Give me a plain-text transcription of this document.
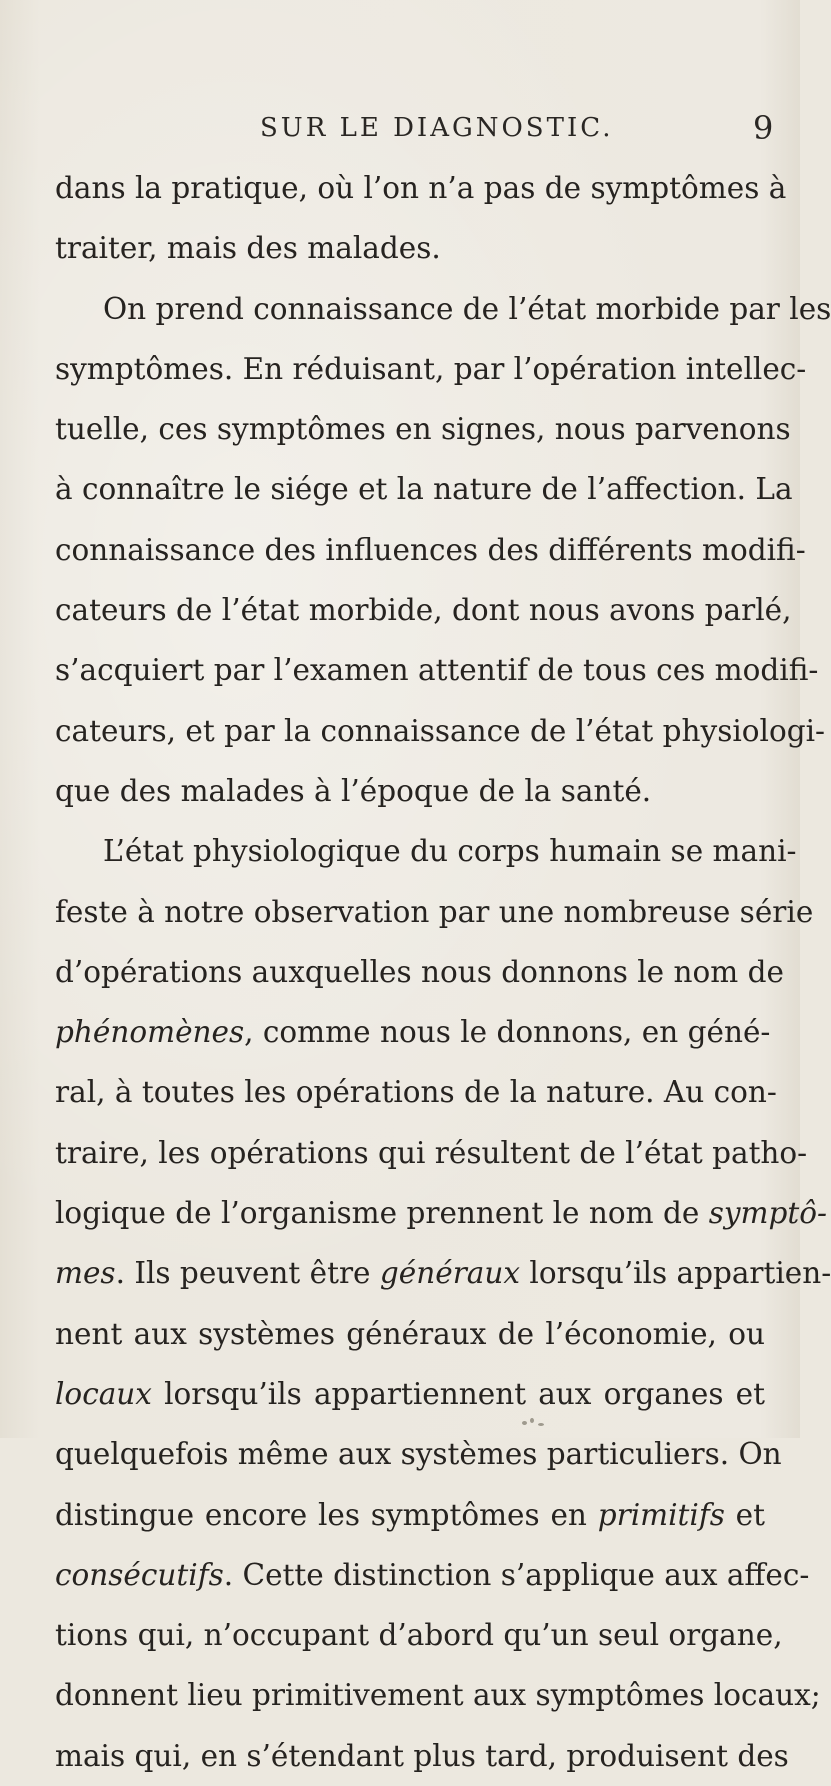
SUR LE DIAGNOSTIC.	9
dans la pratique, où l’on n’a pas de symptômes à
traiter, mais des malades.
On prend connaissance de l’état morbide par les
symptômes. En réduisant, par l’opération intellec-
tuelle, ces symptômes en signes, nous parvenons
à connaître le siége et la nature de l’affection. La
connaissance des influences des différents modifi-
cateurs de l’état morbide, dont nous avons parlé,
s’acquiert par l’examen attentif de tous ces modifi-
cateurs, et par la connaissance de l’état physiologi-
que des malades à l’époque de la santé.
L’état physiologique du corps humain se mani-
feste à notre observation par une nombreuse série
d’opérations auxquelles nous donnons le nom de
phénomènes, comme nous le donnons, en géné-
ral, à toutes les opérations de la nature. Au con-
traire, les opérations qui résultent de l’état patho-
logique de l’organisme prennent le nom de symptô-
mes. Ils peuvent être généraux lorsqu’ils appartien-
nent aux systèmes généraux de l’économie, ou
locaux lorsqu’ils appartiennent aux organes et
quelquefois même aux systèmes particuliers. On
distingue encore les symptômes en primitifs et
consécutifs. Cette distinction s’applique aux affec-
tions qui, n’occupant d’abord qu’un seul organe,
donnent lieu primitivement aux symptômes locaux;
mais qui, en s’étendant plus tard, produisent des
